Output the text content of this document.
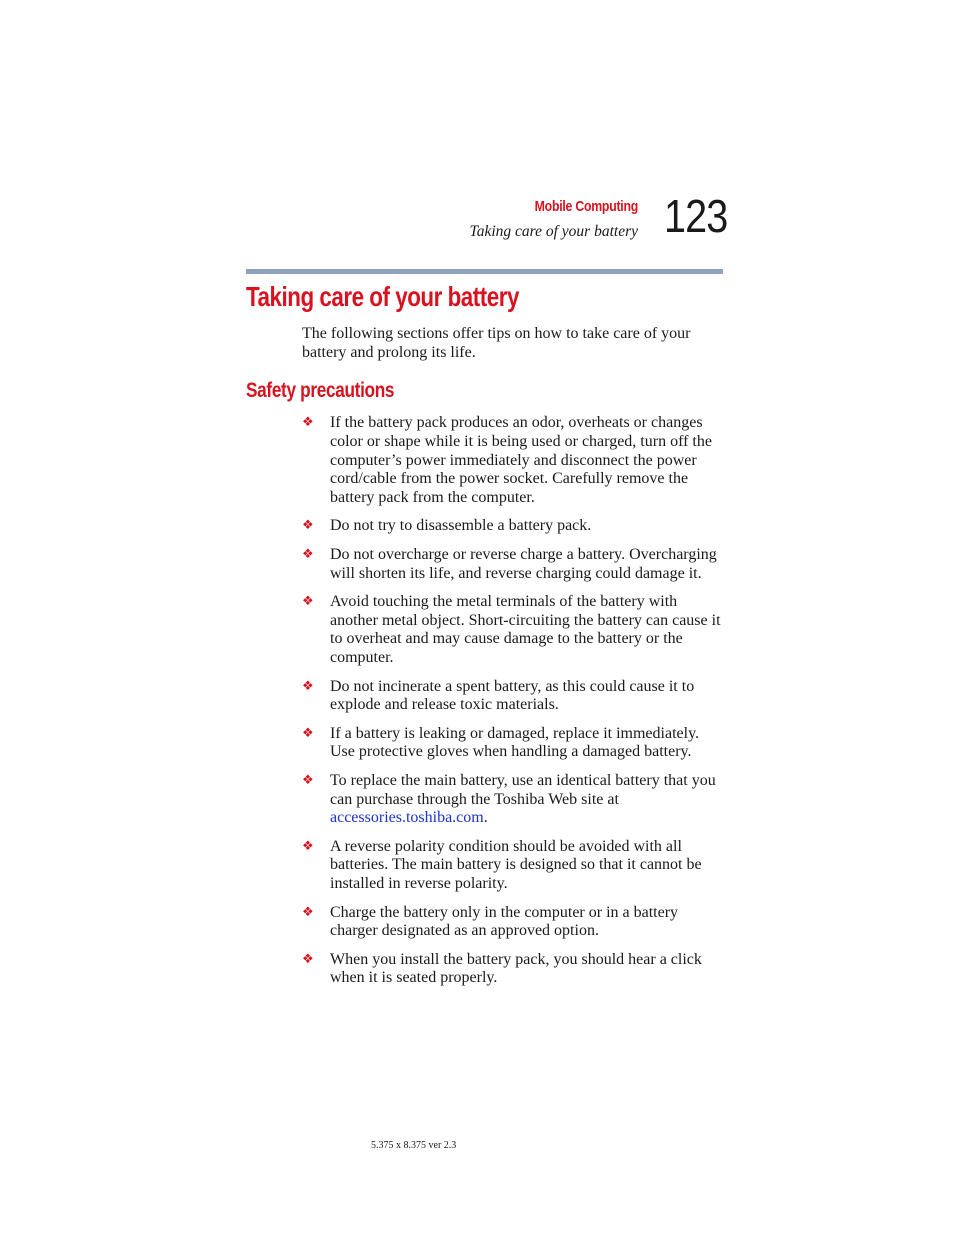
Mobile Computing
Taking care of your battery 123
Taking care of your battery

The following sections offer tips on how to take care of your battery and prolong its life.

Safety precautions
❖ If the battery pack produces an odor, overheats or changes color or shape while it is being used or charged, turn off the computer’s power immediately and disconnect the power cord/cable from the power socket. Carefully remove the battery pack from the computer.
❖ Do not try to disassemble a battery pack.
❖ Do not overcharge or reverse charge a battery. Overcharging will shorten its life, and reverse charging could damage it.
❖ Avoid touching the metal terminals of the battery with another metal object. Short-circuiting the battery can cause it to overheat and may cause damage to the battery or the computer.
❖ Do not incinerate a spent battery, as this could cause it to explode and release toxic materials.
❖ If a battery is leaking or damaged, replace it immediately. Use protective gloves when handling a damaged battery.
❖ To replace the main battery, use an identical battery that you can purchase through the Toshiba Web site at accessories.toshiba.com.
❖ A reverse polarity condition should be avoided with all batteries. The main battery is designed so that it cannot be installed in reverse polarity.
❖ Charge the battery only in the computer or in a battery charger designated as an approved option.
❖ When you install the battery pack, you should hear a click when it is seated properly.
5.375 x 8.375 ver 2.3
